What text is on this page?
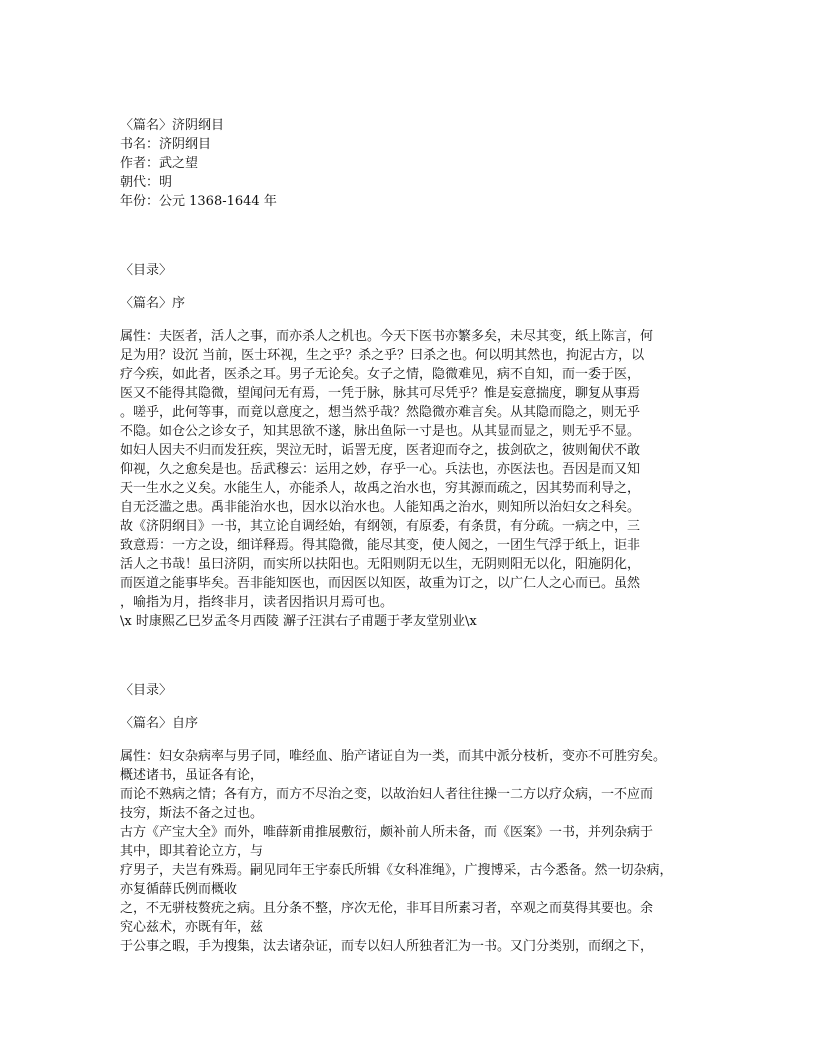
〈篇名〉济阴纲目
书名：济阴纲目
作者：武之望
朝代：明
年份：公元 1368-1644 年
〈目录〉
〈篇名〉序
属性：夫医者，活人之事，而亦杀人之机也。今天下医书亦繁多矣，未尽其变，纸上陈言，何
足为用？设沉 当前，医士环视，生之乎？杀之乎？曰杀之也。何以明其然也，拘泥古方，以
疗今疾，如此者，医杀之耳。男子无论矣。女子之情，隐微难见，病不自知，而一委于医，
医又不能得其隐微，望闻问无有焉，一凭于脉，脉其可尽凭乎？惟是妄意揣度，聊复从事焉
。嗟乎，此何等事，而竟以意度之，想当然乎哉？然隐微亦难言矣。从其隐而隐之，则无乎
不隐。如仓公之诊女子，知其思欲不遂，脉出鱼际一寸是也。从其显而显之，则无乎不显。
如妇人因夫不归而发狂疾，哭泣无时，诟詈无度，医者迎而夺之，拔剑砍之，彼则匍伏不敢
仰视，久之愈矣是也。岳武穆云：运用之妙，存乎一心。兵法也，亦医法也。吾因是而又知
天一生水之义矣。水能生人，亦能杀人，故禹之治水也，穷其源而疏之，因其势而利导之，
自无泛滥之患。禹非能治水也，因水以治水也。人能知禹之治水，则知所以治妇女之科矣。
故《济阴纲目》一书，其立论自调经始，有纲领，有原委，有条贯，有分疏。一病之中，三
致意焉：一方之设，细详释焉。得其隐微，能尽其变，使人阅之，一团生气浮于纸上，讵非
活人之书哉！虽曰济阴，而实所以扶阳也。无阳则阴无以生，无阴则阳无以化，阳施阴化，
而医道之能事毕矣。吾非能知医也，而因医以知医，故重为订之，以广仁人之心而已。虽然
，喻指为月，指终非月，读者因指识月焉可也。
\x 时康熙乙巳岁孟冬月西陵 澥子汪淇右子甫题于孝友堂别业\x
〈目录〉
〈篇名〉自序
属性：妇女杂病率与男子同，唯经血、胎产诸证自为一类，而其中派分枝析，变亦不可胜穷矣。
概述诸书，虽证各有论，
而论不熟病之情；各有方，而方不尽治之变，以故治妇人者往往操一二方以疗众病，一不应而
技穷，斯法不备之过也。
古方《产宝大全》而外，唯薛新甫推展敷衍，颇补前人所未备，而《医案》一书，并列杂病于
其中，即其着论立方，与
疗男子，夫岂有殊焉。嗣见同年王宇泰氏所辑《女科准绳》，广搜博采，古今悉备。然一切杂病，
亦复循薛氏例而概收
之，不无骈枝赘疣之病。且分条不整，序次无伦，非耳目所素习者，卒观之而莫得其要也。余
究心兹术，亦既有年，兹
于公事之暇，手为搜集，汰去诸杂证，而专以妇人所独者汇为一书。又门分类别，而纲之下，
